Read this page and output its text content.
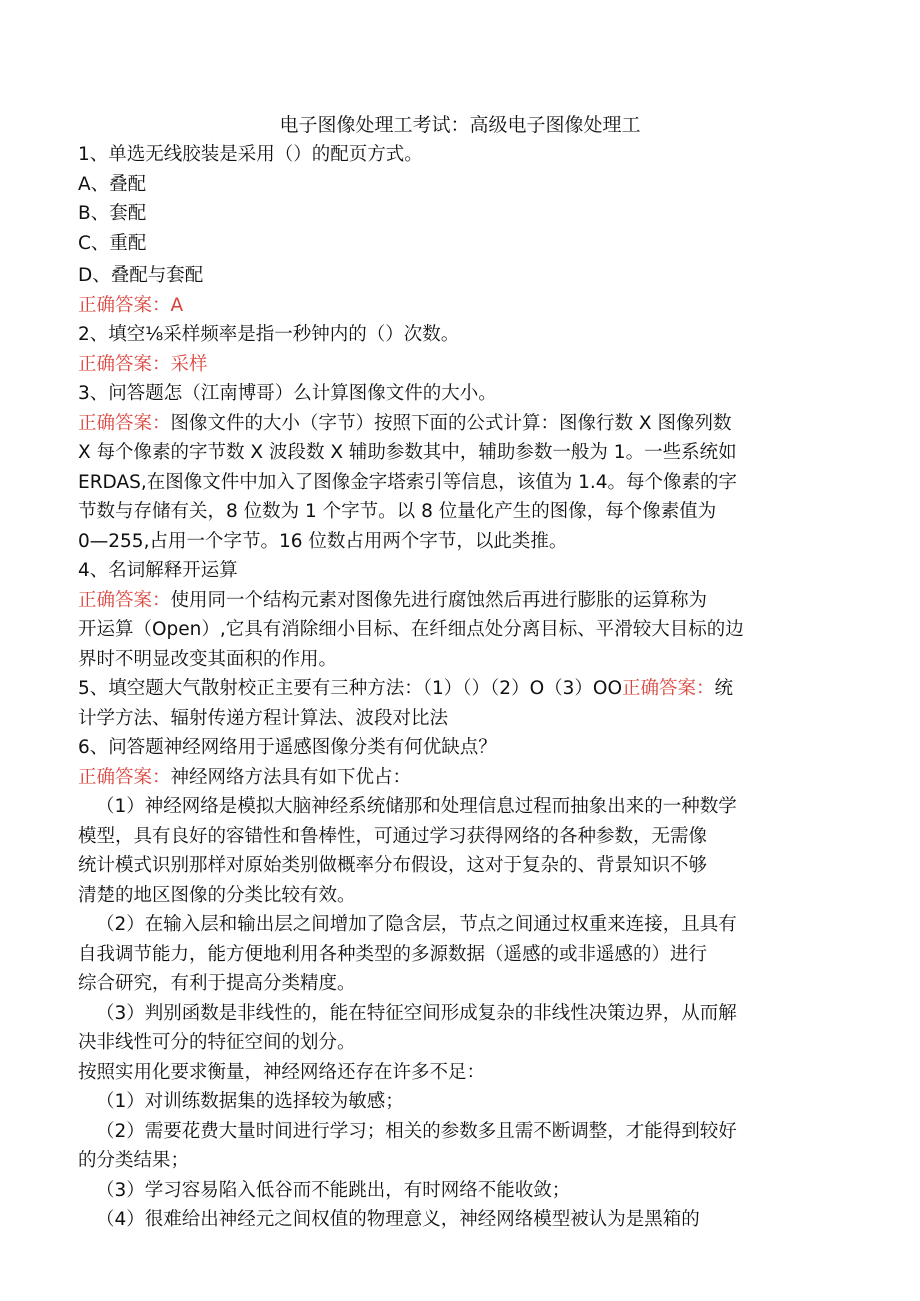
电子图像处理工考试：高级电子图像处理工

1、单选无线胶装是采用（）的配页方式。

A、叠配

B、套配

C、重配

D、叠配与套配

正确答案：A

2、填空⅛采样频率是指一秒钟内的（）次数。

正确答案：采样

3、问答题怎（江南博哥）么计算图像文件的大小。

正确答案：图像文件的大小（字节）按照下面的公式计算：图像行数 X 图像列数

X 每个像素的字节数 X 波段数 X 辅助参数其中，辅助参数一般为 1。一些系统如

ERDAS,在图像文件中加入了图像金字塔索引等信息，该值为 1.4。每个像素的字

节数与存储有关，8 位数为 1 个字节。以 8 位量化产生的图像，每个像素值为

0—255,占用一个字节。16 位数占用两个字节，以此类推。

4、名词解释开运算

正确答案：使用同一个结构元素对图像先进行腐蚀然后再进行膨胀的运算称为

开运算（Open）,它具有消除细小目标、在纤细点处分离目标、平滑较大目标的边

界时不明显改变其面积的作用。

5、填空题大气散射校正主要有三种方法：（1）（）（2）O（3）OO正确答案：统

计学方法、辐射传递方程计算法、波段对比法

6、问答题神经网络用于遥感图像分类有何优缺点？

正确答案：神经网络方法具有如下优占：

（1）神经网络是模拟大脑神经系统储那和处理信息过程而抽象出来的一种数学

模型，具有良好的容错性和鲁棒性，可通过学习获得网络的各种参数，无需像

统计模式识别那样对原始类别做概率分布假设，这对于复杂的、背景知识不够

清楚的地区图像的分类比较有效。

（2）在输入层和输出层之间增加了隐含层，节点之间通过权重来连接，且具有

自我调节能力，能方便地利用各种类型的多源数据（遥感的或非遥感的）进行

综合研究，有利于提高分类精度。

（3）判别函数是非线性的，能在特征空间形成复杂的非线性决策边界，从而解

决非线性可分的特征空间的划分。

按照实用化要求衡量，神经网络还存在许多不足：

（1）对训练数据集的选择较为敏感；

（2）需要花费大量时间进行学习；相关的参数多且需不断调整，才能得到较好

的分类结果；

（3）学习容易陷入低谷而不能跳出，有时网络不能收敛；

（4）很难给出神经元之间权值的物理意义，神经网络模型被认为是黑箱的
